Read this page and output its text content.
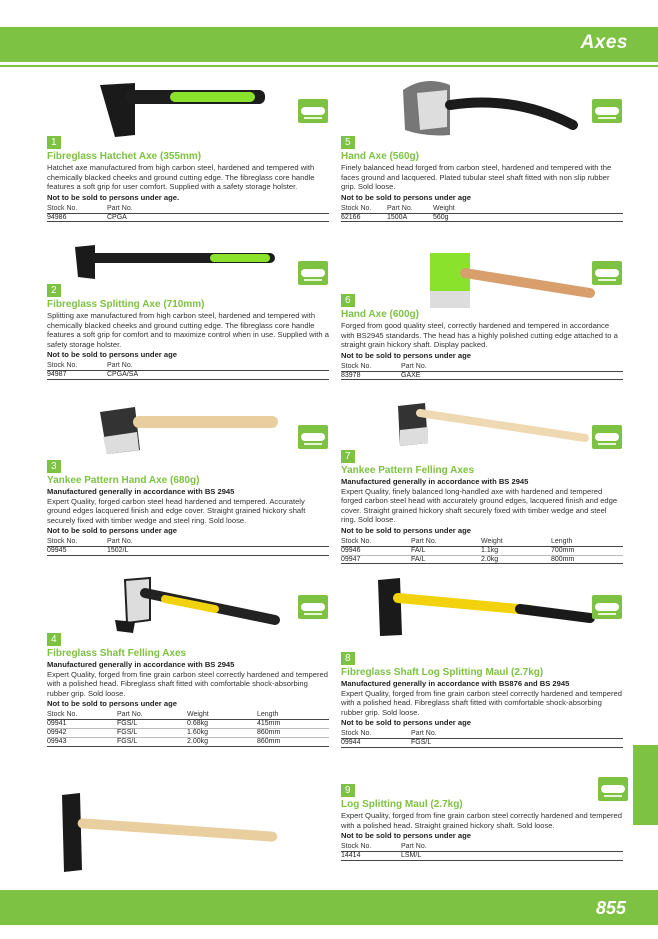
Axes
1
Fibreglass Hatchet Axe (355mm)
Hatchet axe manufactured from high carbon steel, hardened and tempered with chemically blacked cheeks and ground cutting edge. The fibreglass core handle features a soft grip for user comfort. Supplied with a safety storage holster.
Not to be sold to persons under age.
Stock No.	Part No.
94986	CPGA
2
Fibreglass Splitting Axe (710mm)
Splitting axe manufactured from high carbon steel, hardened and tempered with chemically blacked cheeks and ground cutting edge. The fibreglass core handle features a soft grip for comfort and to maximize control when in use. Supplied with a safety storage holster.
Not to be sold to persons under age
Stock No.	Part No.
94987	CPGA/SA
3
Yankee Pattern Hand Axe (680g)
Manufactured generally in accordance with BS 2945
Expert Quality, forged carbon steel head hardened and tempered. Accurately ground edges lacquered finish and edge cover. Straight grained hickory shaft securely fixed with timber wedge and steel ring. Sold loose.
Not to be sold to persons under age
Stock No.	Part No.
09945	1502/L
4
Fibreglass Shaft Felling Axes
Manufactured generally in accordance with BS 2945
Expert Quality, forged from fine grain carbon steel correctly hardened and tempered with a polished head. Fibreglass shaft fitted with comfortable shock-absorbing rubber grip. Sold loose.
Not to be sold to persons under age
Stock No.	Part No.	Weight	Length
09941	FGS/L	0.68kg	415mm
09942	FGS/L	1.60kg	860mm
09943	FGS/L	2.00kg	860mm
5
Hand Axe (560g)
Finely balanced head forged from carbon steel, hardened and tempered with the faces ground and lacquered. Plated tubular steel shaft fitted with non slip rubber grip. Sold loose.
Not to be sold to persons under age
Stock No.	Part No.	Weight
62166	1500A	560g
6
Hand Axe (600g)
Forged from good quality steel, correctly hardened and tempered in accordance with BS2945 standards. The head has a highly polished cutting edge attached to a straight grain hickory shaft. Display packed.
Not to be sold to persons under age
Stock No.	Part No.
83978	GAXE
7
Yankee Pattern Felling Axes
Manufactured generally in accordance with BS 2945
Expert Quality, finely balanced long-handled axe with hardened and tempered forged carbon steel head with accurately ground edges, lacquered finish and edge cover. Straight grained hickory shaft securely fixed with timber wedge and steel ring. Sold loose.
Not to be sold to persons under age
Stock No.	Part No.	Weight	Length
09946	FA/L	1.1kg	700mm
09947	FA/L	2.0kg	800mm
8
Fibreglass Shaft Log Splitting Maul (2.7kg)
Manufactured generally in accordance with BS876 and BS 2945
Expert Quality, forged from fine grain carbon steel correctly hardened and tempered with a polished head. Fibreglass shaft fitted with comfortable shock-absorbing rubber grip. Sold loose.
Not to be sold to persons under age
Stock No.	Part No.
09944	FGS/L
9
Log Splitting Maul (2.7kg)
Expert Quality, forged from fine grain carbon steel correctly hardened and tempered with a polished head. Straight grained hickory shaft. Sold loose.
Not to be sold to persons under age
Stock No.	Part No.
14414	LSM/L
855
